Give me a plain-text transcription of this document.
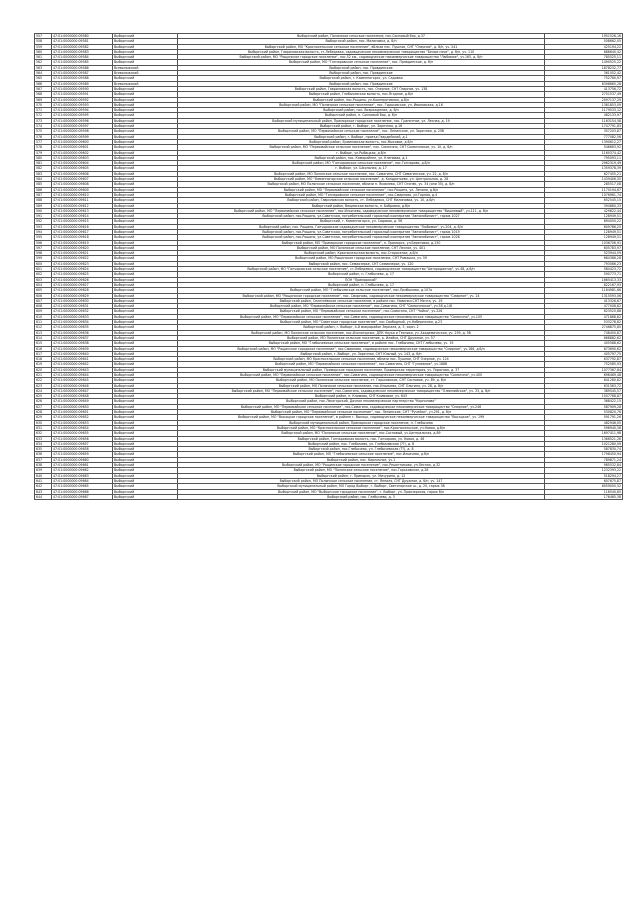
557	47:01:0000000:09580	Выборгский	Выборгский район, Полянское сельское поселение, пос.Сосновый бор, д.37	1951526,16
558	47:01:0000000:09581	Выборгский	Выборгский район, пос. Малиновка, д. б/н	508662,05
559	47:01:0000000:09582	Выборгский	Выборгский район, МО "Красносельское сельское поселение", вблизи пос. Пушное, СНТ "Озерное", д. б/н, уч. 241	425194,22
560	47:01:0000000:09583	Выборгский	Выборгский район, Гавриловская волость, ст.Лебедевка, садоводческое некоммерческое товарищество "Белые ночи", д. б/н, уч. 110	686640,42
561	47:01:0000000:09584	Выборгский	Выборгский район, МО "Рощинское городское поселение", пос.52 км., садоводческое некоммерческое товарищество "Любимое", уч.165, д. б/н	785525,11
562	47:01:0000000:09585	Выборгский	Выборгский район, МО "Гончаровское сельское поселение", пос. Правдинское, д. б/н	1490525,22
563	47:01:0000000:09586	Всеволожский	Выборгский район, пос. Правдинское	1878232,77
564	47:01:0000000:09587	Всеволожский	Выборгский район, пос. Правдинское	361052,42
565	47:01:0000000:09588	Выборгский	Выборгский район, г. Каменногорск, ул. Садовая	752780,97
566	47:01:0000000:09589	Всеволожский	Выборгский район, пос. Правдинское	6398665,28
567	47:01:0000000:09590	Выборгский	Выборгский район, Гавриловская волость, пос. Озерное, СНТ Озерное, уч. 138	413756,72
568	47:01:0000000:09591	Выборгский	Выборгский район, Глебычевская волость, пос.Ягодное, д.б/н	2751537,49
569	47:01:0000000:09592	Выборгский	Выборгский район, пос.Рощино, ул.Кооперативная, д.б/н	2097137,29
570	47:01:0000000:09593	Выборгский	Выборгский район, МО "Полянское сельское поселение", пос. Горьковское, ул. Ивановская, д.16	1361853,09
571	47:01:0000000:09594	Выборгский	Выборгский район, пос. Возрождение, д. б/н	1179533,12
572	47:01:0000000:09595	Выборгский	Выборгский район, п. Сосновый бор, д. б/н	482133,97
573	47:01:0000000:09596	Выборгский	Выборгский муниципальный район, Приморское городское поселение, пос. Гранитное, ул. Лесная, д. 19	1163154,58
574	47:01:0000000:09597	Выборгский	Выборгский район, г. Выборг, ул. Заречная, д.16	1747791,83
575	47:01:0000000:09598	Выборгский	Выборгский район, МО "Первомайское сельское поселение", пос. Ленинское, ул. Заречная, д. 25б	357203,87
576	47:01:0000000:09599	Выборгский	Выборгский район, г. Выборг, проезд Гвардейский, д.1	777082,56
577	47:01:0000000:09600	Выборгский	Выборгский район, Ермиловская волость, пос.Мысовое, д.б/н	1390612,27
578	47:01:0000000:09601	Выборгский	Выборгский район, МО "Первомайское сельское поселение", пос. Симагино, СНТ Симагинское, уч. 10, д. б/н	546663,92
579	47:01:0000000:09602	Выборгский	г. Выборг, ул.Рыбацкая, д.б/н	1160374,42
580	47:01:0000000:09603	Выборгский	Выборгский район, пос. Кямяряйнен, ул. Кленовая, д.1	795093,11
581	47:01:0000000:09604	Выборгский	Выборгский район, МО "Гончаровское сельское поселение", пос.Гончарово, д.б/н	2962319,49
582	47:01:0000000:09605	Выборгский	г. Выборг, ул. Школьная, д. 17	1359378,39
583	47:01:0000000:09606	Выборгский	Выборгский район, МО Полянское сельское поселение, пос. Симагино, СНТ Симагинское, уч. 22, д. б/н	627455,21
584	47:01:0000000:09607	Выборгский	Выборгский район, МО "Каменногорское сельское поселение", д. Кондратьево, ул. Центральная, д. 28	1439406,55
585	47:01:0000000:09608	Выборгский	Выборгский район, МО Полянское сельское поселение, вблизи п. Яковлево, СНТ Огонёк, уч. 34 (или 35), д. б/н	285517,08
586	47:01:0000000:09609	Выборгский	Выборгский район, МО "Первомайское сельское поселение", пос.Рощино, ул. Ленина, д.б/н	1170194,67
587	47:01:0000000:09610	Выборгский	Выборгский район, МО "Гончаровское сельское поселение", пос.Смирново, ул.Горная, д.4	1076961,74
588	47:01:0000000:09611	Выборгский	Выборгский район, Гавриловская волость, ст. Лебедевка, СНТ Малиновка, уч. 10, д.б/н	652545,15
589	47:01:0000000:09612	Выборгский	Выборгский район, Вещевская волость, п. Бобровка, д.б/н	394860,33
590	47:01:0000000:09613	Выборгский	Выборгский район, МО "Первомайское сельское поселение", пос.Ильичево, садоводческое некоммерческое товарищество "Вишневый", уч.111, д. б/н	429822,44
591	47:01:0000000:09614	Выборгский	Выборгский район, пос.Рощино, ул.Советская, потребительский гаражный кооператив "Автомобилист", гараж 1027	128949,51
592	47:01:0000000:09615	Выборгский	Выборгский, г. Каменногорск, ул. Садовая, д. 56	894050,22
593	47:01:0000000:09616	Выборгский	Выборгский район, пос. Рощино, Гончаровское садоводческое некоммерческое товарищество "Любимое", уч.204, д. б/н	609786,25
594	47:01:0000000:09617	Выборгский	Выборгский район, пос.Рощино, ул.Советская, потребительский гаражный кооператив "Автомобилист", гараж 1019	128949,51
595	47:01:0000000:09618	Выборгский	Выборгский район, пос.Рощино, ул.Советская, потребительский гаражный кооператив "Автомобилист", гараж 1028	128949,51
596	47:01:0000000:09619	Выборгский	Выборгский район, МО "Приморское городское поселение", п. Приморск, ул.Береговая, д.130	1036706,91
597	47:01:0000000:09620	Выборгский	Выборгский район, МО Полянское сельское поселение, СНТ Лесное, уч. 401	605783,97
598	47:01:0000000:09621	Выборгский	Выборгский район, Красносельская волость, пос.Староселье, д.б/н	523944,59
599	47:01:0000000:09622	Выборгский	Выборгский район, МО Рощинское городское поселение, СНТ Ромашка, уч. 59	664386,28
600	47:01:0000000:09623	Выборгский	Выборгский район, пос. Семиозерье, СНТ Семиозерье, уч. 120	793066,23
601	47:01:0000000:09624	Выборгский	Выборгский район, МО "Гончаровское сельское поселение", ст.Лебедевка, садоводческое товарищество "Авторадиатор", уч.48, д.б/н	584423,72
602	47:01:0000000:09625	Выборгский	Выборгский район, п. Глебычево, д. 17	590773,71
603	47:01:0000000:09626	Выборгский	ПОН "Приморский"	1665413,33
604	47:01:0000000:09627	Выборгский	Выборгский район, п. Глебычево, д. 17	822167,93
605	47:01:0000000:09628	Выборгский	Выборгский район, МО "Глебычевское сельское поселение", пос.Прибылово, д.107а	1164981,66
606	47:01:0000000:09629	Выборгский	Выборгский район, МО "Рощинское городское поселение", пос. Смирново, садоводческое некоммерческое товарищество "Смирное", уч. 24	1315593,06
607	47:01:0000000:09630	Выборгский	Выборгский район, Селезнёвское сельское поселение, в районе пос. Новинки СНТ Мечта, уч. 19	413326,67
608	47:01:0000000:09631	Выборгский	Выборгский район, МО "Первомайское сельское поселение", пос.Симагино, СНТ "Симагинское", уч.38 д.1/8	477008,82
609	47:01:0000000:09632	Выборгский	Выборгский район, МО "Первомайское сельское поселение", пос.Симагино, СНТ "Чайка", уч.226	623520,88
610	47:01:0000000:09633	Выборгский	Выборгский район, МО "Первомайское сельское поселение", пос.Симагино, садоводческое некоммерческое товарищество "Симагино", уч.105	471868,82
611	47:01:0000000:09634	Выборгский	Выборгский район, МО "Советское городское поселение", пос.Свободный, ул.Набережная, д.23	533278,82
612	47:01:0000000:09635	Выборгский	Выборгский район, г. Выборг, 4-й микрорайон Зеркала, д. 5, корп. 2	2746875,85
613	47:01:0000000:09636	Выборгский	Выборгский район, МО Полянское сельское поселение, пос.Изоляторное, ДПК Наука и Техника, уч. Академическая, уч. 239, д. 5б	748450,87
614	47:01:0000000:09637	Выборгский	Выборгский район, МО Полянское сельское поселение, р. Иляйка, СНТ Дружное, уч. 57	668882,62
615	47:01:0000000:09638	Выборгский	Выборгский район, МО "Глебычевское сельское поселение", в районе пос. Глебычево, СНТ Глебычево, уч. 19	405588,62
616	47:01:0000000:09639	Выборгский	Выборгский район, МО "Рощинское городское поселение", пос.Смирново, садоводческое некоммерческое товарищество "Смирное", уч.186, д.б/н	673690,62
617	47:01:0000000:09640	Выборгский	Выборгский район, г. Выборг, ул. Заречная, СНТ Южный, уч. 143, д. б/н	405797,75
618	47:01:0000000:09641	Выборгский	Выборгский район, МО Красносельское сельское поселение, вблизи пос. Пушное, СНТ Озерное, уч. 124	637792,87
619	47:01:0000000:09642	Выборгский	Выборгский район, МО "Первомайское сельское поселение", пос.Симагино, СНТ "Гуляевное", уч.188б	752585,93
620	47:01:0000000:09643	Выборгский	Выборгский муниципальный район, Приморское городское поселение, Приморская территория, уч. Пирогова, д. 37	1077367,84
621	47:01:0000000:09644	Выборгский	Выборгский район, МО "Первомайское сельское поселение", пос.Симагино, садоводческое некоммерческое товарищество "Симагино", уч.400	696469,48
622	47:01:0000000:09645	Выборгский	Выборгский район, МО Полянское сельское поселение, ст. Горьковское, СНТ Сосновое, уч. 89, д. б/н	641280,82
623	47:01:0000000:09646	Выборгский	Выборгский район, МО Полянское сельское поселение, пос.Ильичево, СНТ Ольгино, уч. 28, д. б/н	631563,72
624	47:01:0000000:09647	Выборгский	Выборгский район, МО "Первомайское сельское поселение", пос.Симагино, садоводческое некоммерческое товарищество "Олимпийское", уч. 33, д. б/н	389545,57
625	47:01:0000000:09648	Выборгский	Выборгский район, п. Климово, СНТ Климовое, уч. 643	1507768,87
626	47:01:0000000:09649	Выборгский	Выборгский район, пос.Лесогорский, Дачное некоммерческое партнерство "Корнилово"	368422,15
627	47:01:0000000:09650	Выборгский	Выборгский район, МО "Первомайское сельское поселение", пос.Симагино, садоводческое некоммерческое товарищество "Смирное", уч.246	587909,28
628	47:01:0000000:09651	Выборгский	Выборгский район, МО "Первомайское сельское поселение", пос. Ленинское, СНТ "Ручейки", уч.291, д. б/н	530820,76
629	47:01:0000000:09652	Выборгский	Выборгский район, МО "Высоцкое городское поселение", в районе г. Высоцк, садоводческое некоммерческое товарищество "Высоцкое", уч. 199	591791,26
630	47:01:0000000:09653	Выборгский	Выборгский муниципальный район, Приморское городское поселение, п. Глебычево	482946,05
631	47:01:0000000:09654	Выборгский	Выборгский район, МО "Красносельское сельское поселение", пос.Красносельское, уч.Новая, д.б/н	596940,38
632	47:01:0000000:09655	Выборгский	Выборгский район, МО "Полянское сельское поселение", пос.Сосновый, уч.Центральная, д.89	1697411,98
633	47:01:0000000:09656	Выборгский	Выборгский район, Гончаровская волость, пос. Гончарово, ул. Новая, д. 46	1366521,26
634	47:01:0000000:09657	Выборгский	Выборгский район, пос. Глебычево, ул. Глебычевская (??), д. 8	1021280,09
635	47:01:0000000:09658	Выборгский	Выборгский район, пос.Глебычево, ул. Глебычевская (??), д. 8	587830,74
636	47:01:0000000:09659	Выборгский	Выборгский район, МО "Глебычевское сельское поселение", пос.Ильичево, д.б/н	1798450,94
637	47:01:0000000:09660	Выборгский	Выборгский район, пос. Кирпичное, уч.1	789871,24
638	47:01:0000000:09661	Выборгский	Выборгский район, МО "Рощинское городское поселение", пос.Решетниково, ул.Лесная, д.32	985532,84
639	47:01:0000000:09662	Выборгский	Выборгский район, МО "Полянское сельское поселение", пос.Горьковское, д.28	1232393,22
640	47:01:0000000:09663	Выборгский	Выборгский район, г. Приморск, ул. Мичурина, д. 12	518294,27
641	47:01:0000000:09664	Выборгский	Выборгский район, МО Полянское сельское поселение, ст. Яппиля, СНТ Дружное, д. б/н, уч. 147	607675,87
642	47:01:0000000:09665	Выборгский	Выборгский муниципальный район, МО Город Выборг, г. Выборг, Светогорское ш., д. 20, гараж 38	6059000,52
643	47:01:0000000:09666	Выборгский	Выборгский район, МО "Выборгское городское поселение", г. Выборг, ул. Приозерская, гараж б/н	116540,65
644	47:01:0000000:09667	Выборгский	Выборгский район, пос. Глебычево, д. 3	176465,38
